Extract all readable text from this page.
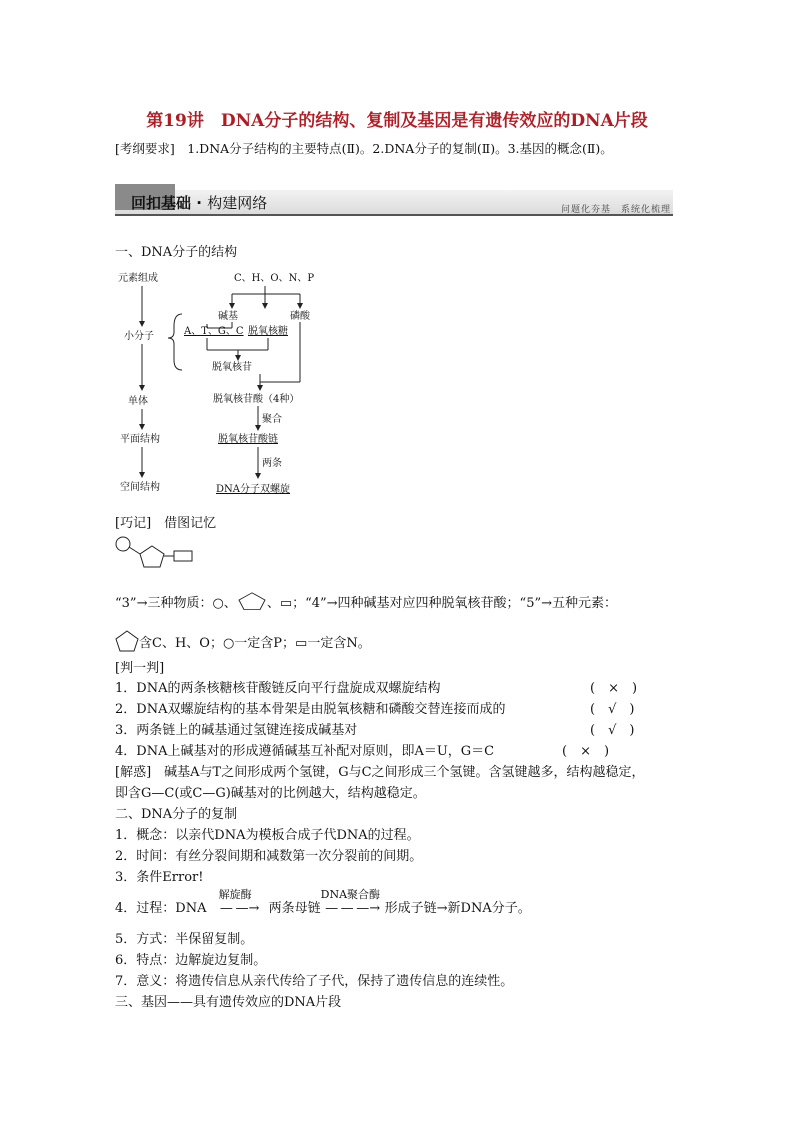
第19讲　DNA分子的结构、复制及基因是有遗传效应的DNA片段
[考纲要求]　1.DNA分子结构的主要特点(Ⅱ)。2.DNA分子的复制(Ⅱ)。3.基因的概念(Ⅱ)。
回扣基础 · 构建网络	问题化夯基　系统化梳理
一、DNA分子的结构
元素组成
小分子
单体
平面结构
空间结构
C、H、O、N、P
碱基	磷酸
A、T、G、C 脱氧核糖
脱氧核苷
脱氧核苷酸（4种）
聚合
脱氧核苷酸链
两条
DNA分子双螺旋
[巧记]　借图记忆
“3”→三种物质：○、 、▭；“4”→四种碱基对应四种脱氧核苷酸；“5”→五种元素：
含C、H、O；○一定含P；▭一定含N。
[判一判]
1．DNA的两条核糖核苷酸链反向平行盘旋成双螺旋结构	(　×　)
2．DNA双螺旋结构的基本骨架是由脱氧核糖和磷酸交替连接而成的	(　√　)
3．两条链上的碱基通过氢键连接成碱基对	(　√　)
4．DNA上碱基对的形成遵循碱基互补配对原则，即A＝U，G＝C	(　×　)
[解惑]　碱基A与T之间形成两个氢键，G与C之间形成三个氢键。含氢键越多，结构越稳定，
即含G—C(或C—G)碱基对的比例越大，结构越稳定。
二、DNA分子的复制
1．概念：以亲代DNA为模板合成子代DNA的过程。
2．时间：有丝分裂间期和减数第一次分裂前的间期。
3．条件Error!
4．过程：DNA
解旋酶
— —→ 两条母链
DNA聚合酶
— — —→ 形成子链→新DNA分子。
5．方式：半保留复制。
6．特点：边解旋边复制。
7．意义：将遗传信息从亲代传给了子代，保持了遗传信息的连续性。
三、基因——具有遗传效应的DNA片段
